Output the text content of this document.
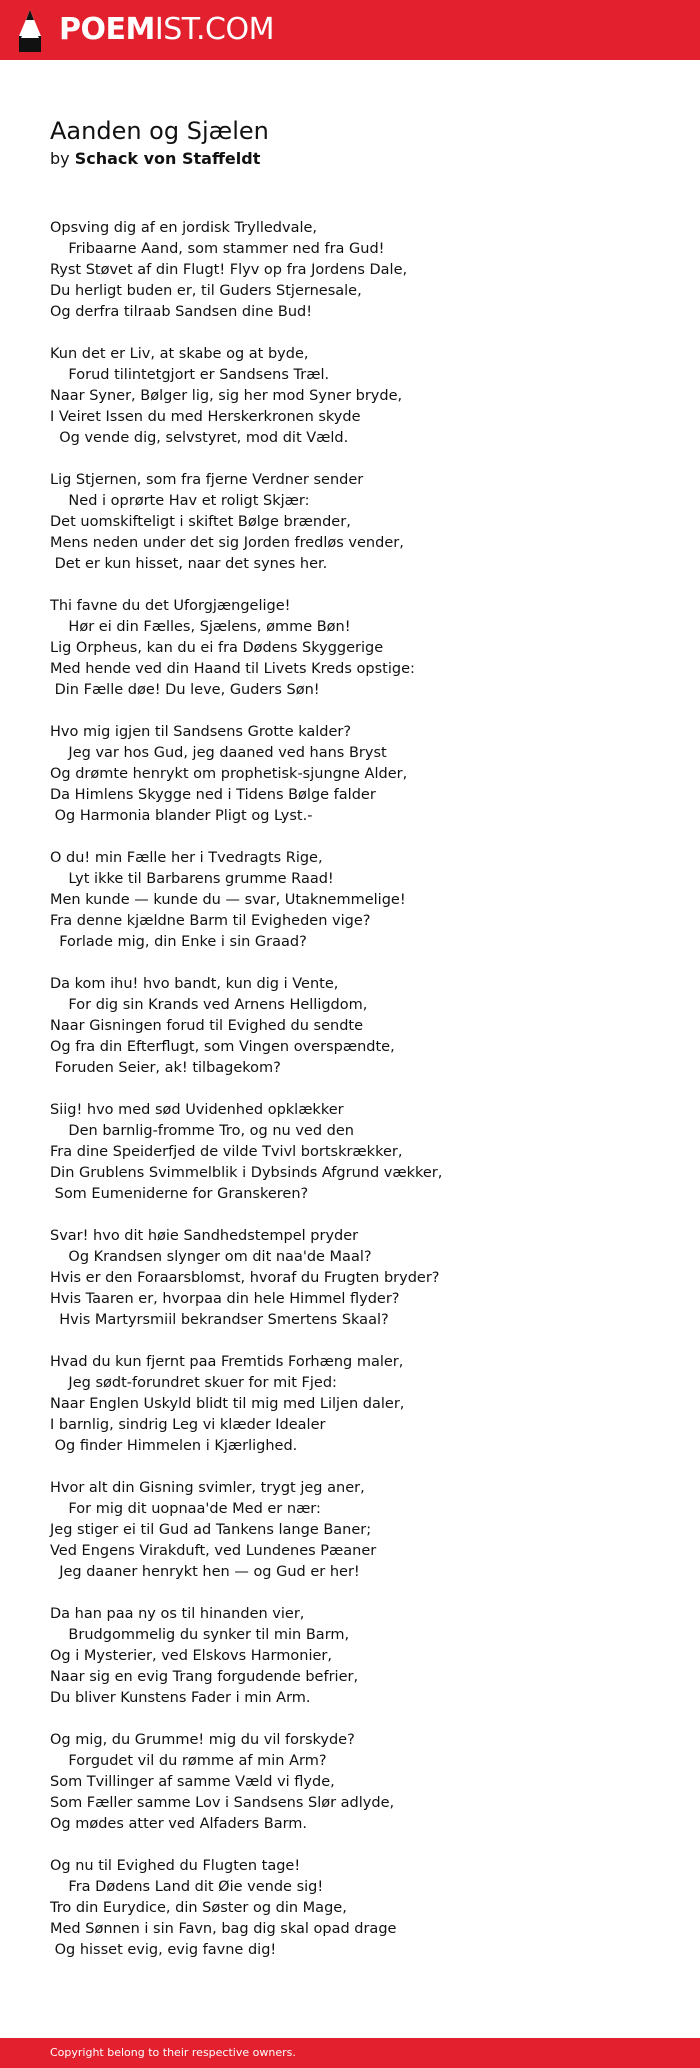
POEMIST.COM
Aanden og Sjælen
by Schack von Staffeldt
Opsving dig af en jordisk Trylledvale,
Fribaarne Aand, som stammer ned fra Gud!
Ryst Støvet af din Flugt! Flyv op fra Jordens Dale,
Du herligt buden er, til Guders Stjernesale,
Og derfra tilraab Sandsen dine Bud!
Kun det er Liv, at skabe og at byde,
Forud tilintetgjort er Sandsens Træl.
Naar Syner, Bølger lig, sig her mod Syner bryde,
I Veiret Issen du med Herskerkronen skyde
Og vende dig, selvstyret, mod dit Væld.
Lig Stjernen, som fra fjerne Verdner sender
Ned i oprørte Hav et roligt Skjær:
Det uomskifteligt i skiftet Bølge brænder,
Mens neden under det sig Jorden fredløs vender,
Det er kun hisset, naar det synes her.
Thi favne du det Uforgjængelige!
Hør ei din Fælles, Sjælens, ømme Bøn!
Lig Orpheus, kan du ei fra Dødens Skyggerige
Med hende ved din Haand til Livets Kreds opstige:
Din Fælle døe! Du leve, Guders Søn!
Hvo mig igjen til Sandsens Grotte kalder?
Jeg var hos Gud, jeg daaned ved hans Bryst
Og drømte henrykt om prophetisk-sjungne Alder,
Da Himlens Skygge ned i Tidens Bølge falder
Og Harmonia blander Pligt og Lyst.-
O du! min Fælle her i Tvedragts Rige,
Lyt ikke til Barbarens grumme Raad!
Men kunde — kunde du — svar, Utaknemmelige!
Fra denne kjældne Barm til Evigheden vige?
Forlade mig, din Enke i sin Graad?
Da kom ihu! hvo bandt, kun dig i Vente,
For dig sin Krands ved Arnens Helligdom,
Naar Gisningen forud til Evighed du sendte
Og fra din Efterflugt, som Vingen overspændte,
Foruden Seier, ak! tilbagekom?
Siig! hvo med sød Uvidenhed opklækker
Den barnlig-fromme Tro, og nu ved den
Fra dine Speiderfjed de vilde Tvivl bortskrækker,
Din Grublens Svimmelblik i Dybsinds Afgrund vækker,
Som Eumeniderne for Granskeren?
Svar! hvo dit høie Sandhedstempel pryder
Og Krandsen slynger om dit naa'de Maal?
Hvis er den Foraarsblomst, hvoraf du Frugten bryder?
Hvis Taaren er, hvorpaa din hele Himmel flyder?
Hvis Martyrsmiil bekrandser Smertens Skaal?
Hvad du kun fjernt paa Fremtids Forhæng maler,
Jeg sødt-forundret skuer for mit Fjed:
Naar Englen Uskyld blidt til mig med Liljen daler,
I barnlig, sindrig Leg vi klæder Idealer
Og finder Himmelen i Kjærlighed.
Hvor alt din Gisning svimler, trygt jeg aner,
For mig dit uopnaa'de Med er nær:
Jeg stiger ei til Gud ad Tankens lange Baner;
Ved Engens Virakduft, ved Lundenes Pæaner
Jeg daaner henrykt hen — og Gud er her!
Da han paa ny os til hinanden vier,
Brudgommelig du synker til min Barm,
Og i Mysterier, ved Elskovs Harmonier,
Naar sig en evig Trang forgudende befrier,
Du bliver Kunstens Fader i min Arm.
Og mig, du Grumme! mig du vil forskyde?
Forgudet vil du rømme af min Arm?
Som Tvillinger af samme Væld vi flyde,
Som Fæller samme Lov i Sandsens Slør adlyde,
Og mødes atter ved Alfaders Barm.
Og nu til Evighed du Flugten tage!
Fra Dødens Land dit Øie vende sig!
Tro din Eurydice, din Søster og din Mage,
Med Sønnen i sin Favn, bag dig skal opad drage
Og hisset evig, evig favne dig!
Copyright belong to their respective owners.
